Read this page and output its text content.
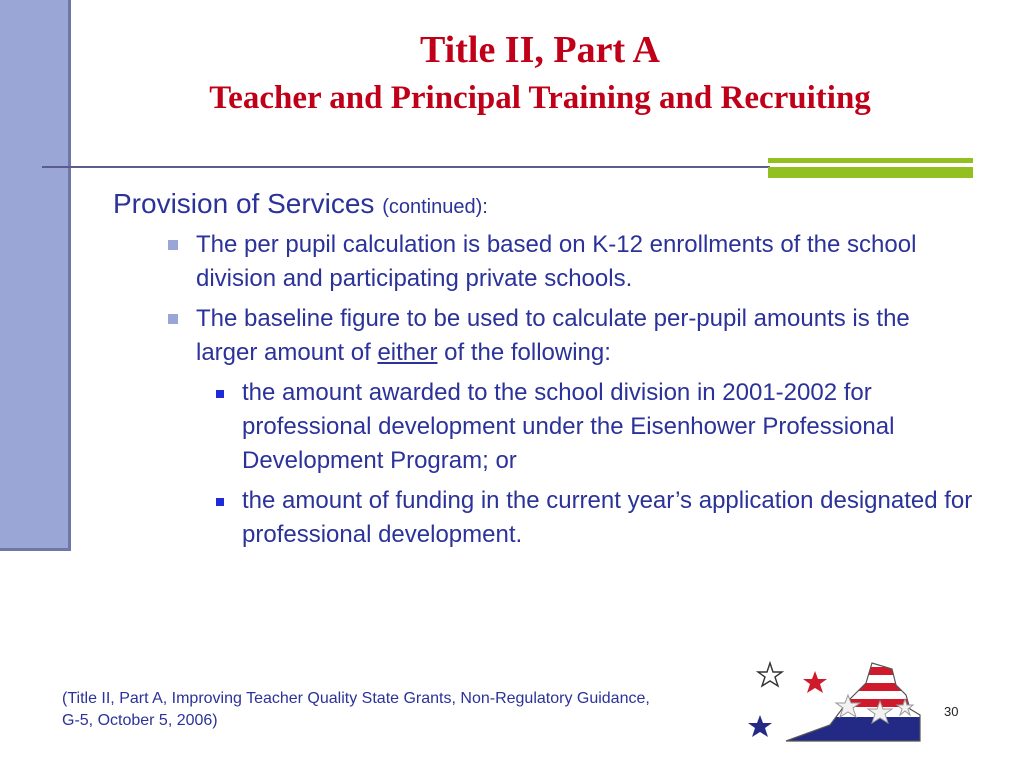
Title II, Part A
Teacher and Principal Training and Recruiting
Provision of Services (continued):
The per pupil calculation is based on K-12 enrollments of the school division and participating private schools.
The baseline figure to be used to calculate per-pupil amounts is the larger amount of either of the following:
the amount awarded to the school division in 2001-2002 for professional development under the Eisenhower Professional Development Program; or
the amount of funding in the current year’s application designated for professional development.
(Title II, Part A, Improving Teacher Quality State Grants, Non-Regulatory Guidance,
G-5, October 5, 2006)
30
